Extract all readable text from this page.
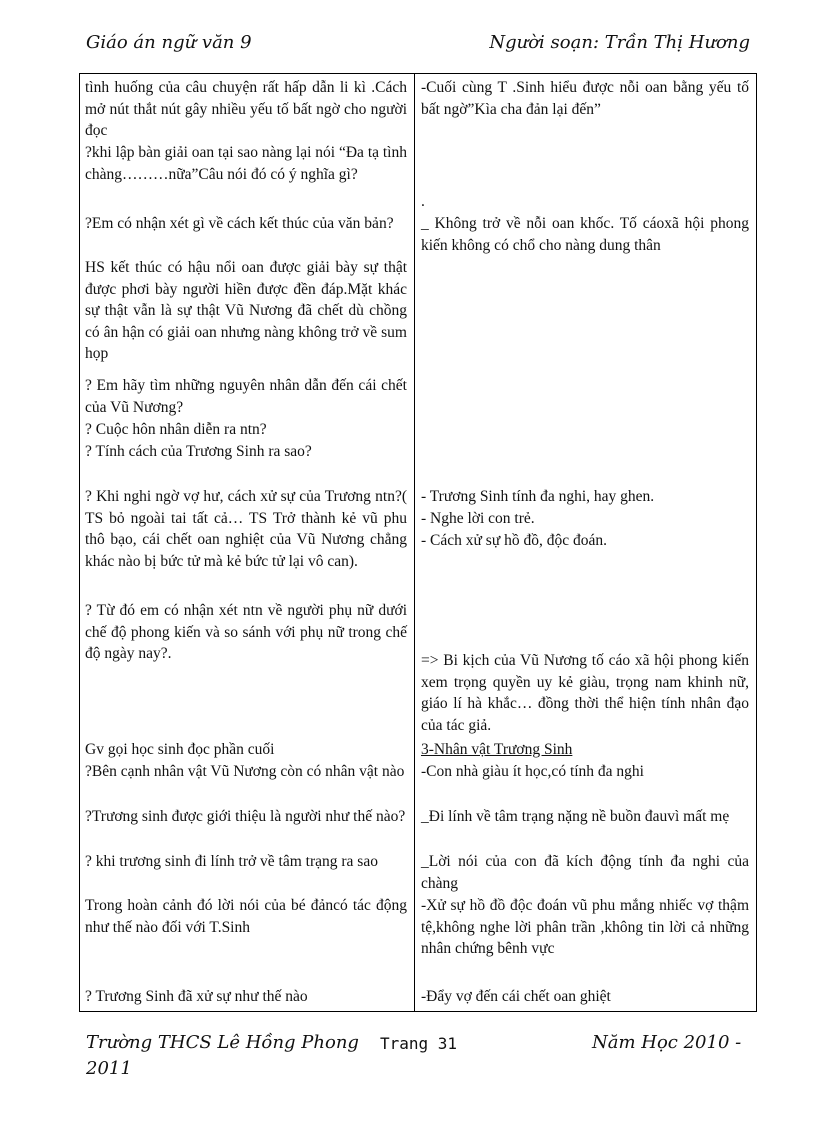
Giáo án ngữ văn 9	Người soạn: Trần Thị Hương

tình huống của câu chuyện rất hấp dẫn li kì .Cách mở nút thắt nút gây nhiều yếu tố bất ngờ cho người đọc

?khi lập bàn giải oan tại sao nàng lại nói “Đa tạ tình chàng………nữa”Câu nói đó có ý nghĩa gì?

?Em có nhận xét gì về cách kết thúc của văn bản?

HS kết thúc có hậu nổi oan được giải bày sự thật được phơi bày người hiền được đền đáp.Mặt khác sự thật vẫn là sự thật Vũ Nương đã chết dù chồng có ân hận có giải oan nhưng nàng không trở về sum họp

? Em hãy tìm những nguyên nhân dẫn đến cái chết của Vũ Nương?

? Cuộc hôn nhân diễn ra ntn?

? Tính cách của Trương Sinh ra sao?

? Khi nghi ngờ vợ hư, cách xử sự của Trương ntn?( TS bỏ ngoài tai tất cả… TS Trở thành kẻ vũ phu thô bạo, cái chết oan nghiệt của Vũ Nương chẳng khác nào bị bức tử mà kẻ bức tử lại vô can).

? Từ đó em có nhận xét ntn về người phụ nữ dưới chế độ phong kiến và so sánh với phụ nữ trong chế độ ngày nay?.

Gv gọi học sinh đọc phần cuối

?Bên cạnh nhân vật Vũ Nương còn có nhân vật nào

?Trương sinh được giới thiệu là người như thế nào?

? khi trương sinh đi lính trở về tâm trạng ra sao

Trong hoàn cảnh đó lời nói của bé đảncó tác động như thế nào đối với T.Sinh

? Trương Sinh đã xử sự như thế nào

-Cuối cùng T .Sinh hiểu được nỗi oan bằng yếu tố bất ngờ”Kìa cha đản lại đến”

.

_ Không trở về nỗi oan khốc. Tố cáoxã hội phong kiến không có chổ cho nàng dung thân

- Trương Sinh tính đa nghi, hay ghen.

- Nghe lời con trẻ.

- Cách xử sự hồ đồ, độc đoán.

=> Bi kịch của Vũ Nương tố cáo xã hội phong kiến xem trọng quyền uy kẻ giàu, trọng nam khinh nữ, giáo lí hà khắc… đồng thời thể hiện tính nhân đạo của tác giả.

3-Nhân vật Trương Sinh

-Con nhà giàu ít học,có tính đa nghi

_Đi lính về tâm trạng nặng nề buồn đauvì mất mẹ

_Lời nói của con đã kích động tính đa nghi của chàng

-Xử sự hồ đồ độc đoán vũ phu mắng nhiếc vợ thậm tệ,không nghe lời phân trần ,không tin lời cả những nhân chứng bênh vực

-Đẩy vợ đến cái chết oan ghiệt

Trường THCS Lê Hồng Phong Trang 31	Năm Học 2010 -
2011
